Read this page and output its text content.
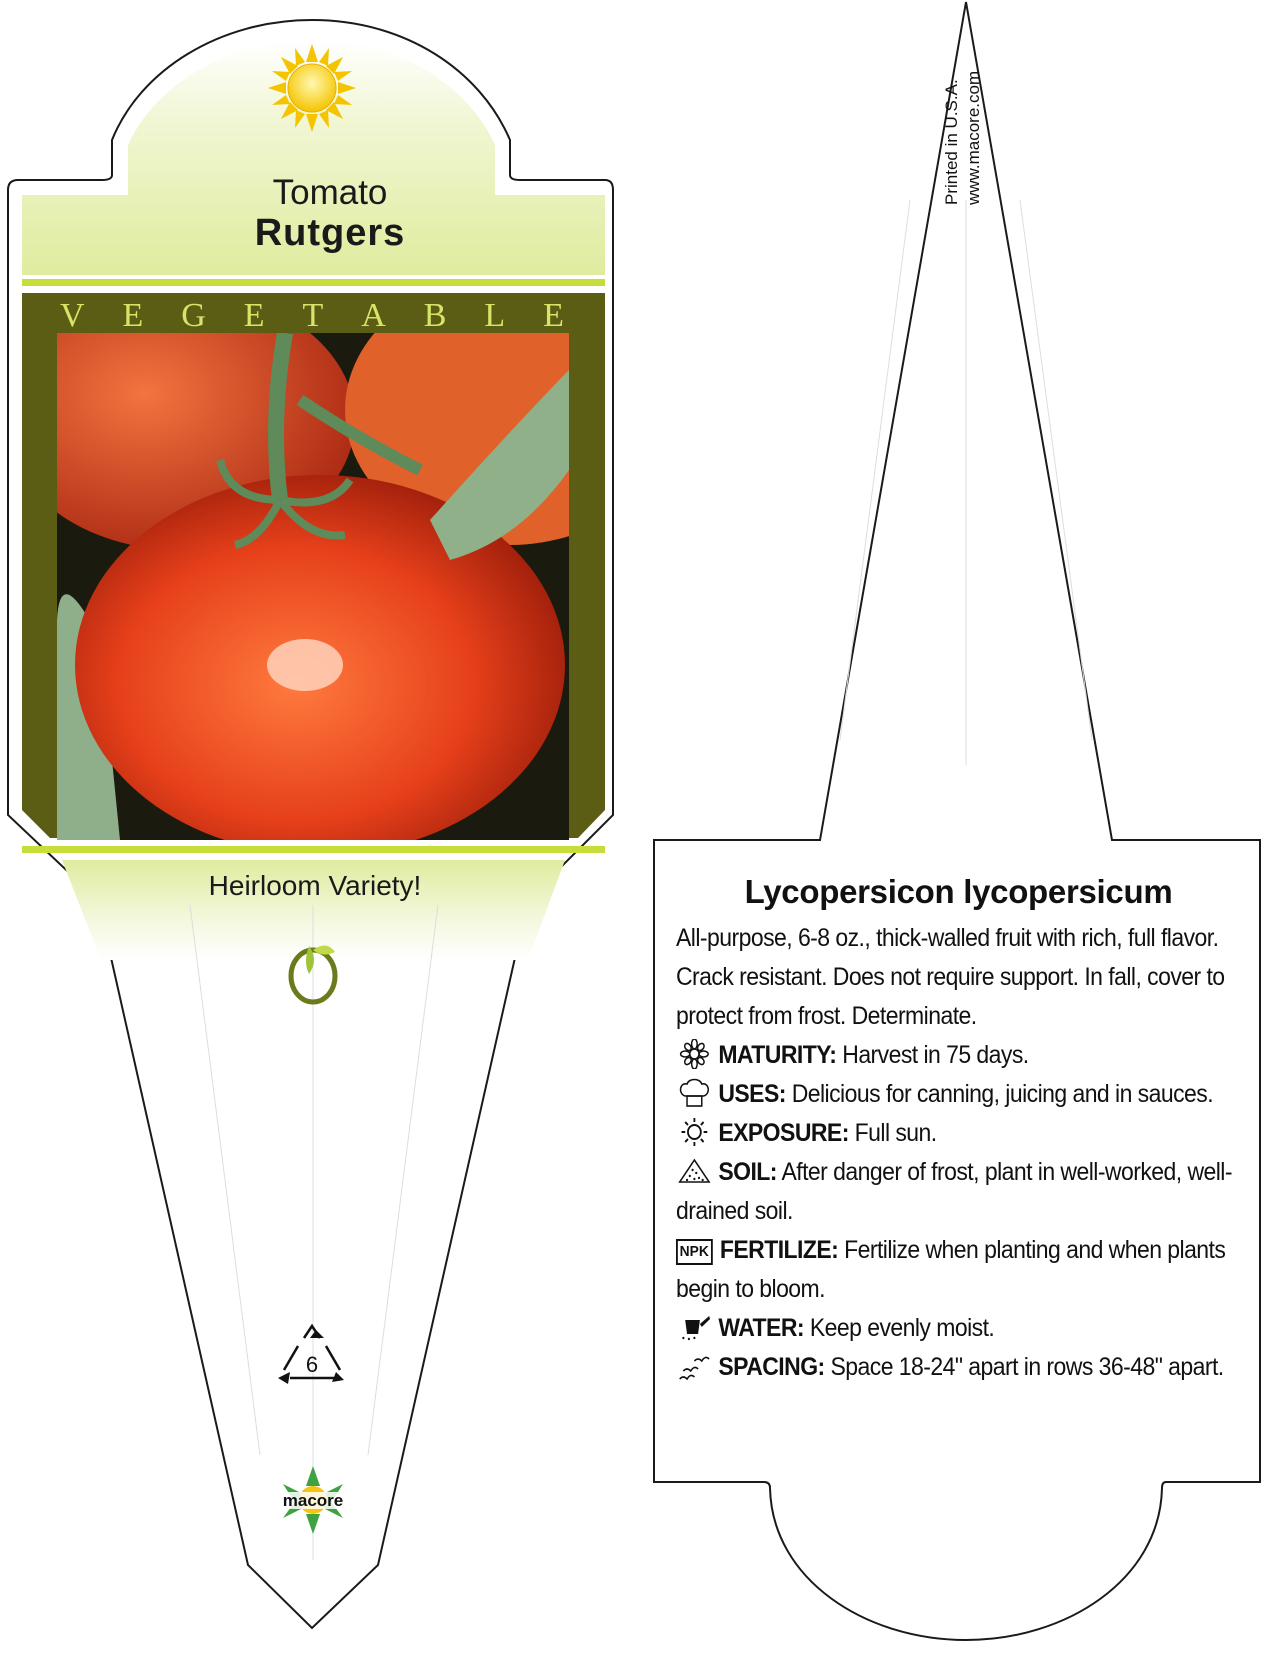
6
macore
Printed in U.S.A. www.macore.com
Tomato
Rutgers
V E G E T A B L E
Heirloom Variety!	Lycopersicon lycopersicum
All-purpose, 6-8 oz., thick-walled fruit with rich, full flavor. Crack resistant. Does not require support. In fall, cover to protect from frost. Determinate.
MATURITY: Harvest in 75 days.
USES: Delicious for canning, juicing and in sauces.
EXPOSURE: Full sun.
SOIL: After danger of frost, plant in well-worked, well-drained soil.
NPK FERTILIZE: Fertilize when planting and when plants begin to bloom.
WATER: Keep evenly moist.
SPACING: Space 18-24" apart in rows 36-48" apart.
